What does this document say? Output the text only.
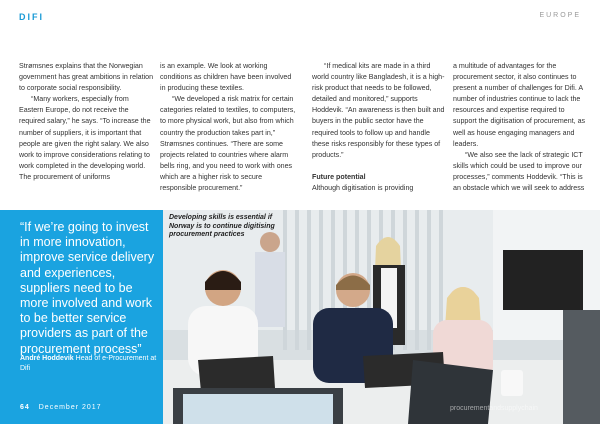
DIFI	EUROPE

Strømsnes explains that the Norwegian government has great ambitions in relation to corporate social responsibility.

“Many workers, especially from Eastern Europe, do not receive the required salary,” he says. “To increase the number of suppliers, it is important that people are given the right salary. We also work to improve considerations relating to work completed in the developing world. The procurement of uniforms

is an example. We look at working conditions as children have been involved in producing these textiles.

“We developed a risk matrix for certain categories related to textiles, to computers, to more physical work, but also from which country the production takes part in,” Strømsnes continues. “There are some projects related to countries where alarm bells ring, and you need to work with ones which are a higher risk to secure responsible procurement.”

“If medical kits are made in a third world country like Bangladesh, it is a high-risk product that needs to be followed, detailed and monitored,” supports Hoddevik. “An awareness is then built and buyers in the public sector have the required tools to follow up and handle these risks responsibly for these types of products.”

Future potential

Although digitisation is providing

a multitude of advantages for the procurement sector, it also continues to present a number of challenges for Difi. A number of industries continue to lack the resources and expertise required to support the digitisation of procurement, as well as house engaging managers and leaders.

“We also see the lack of strategic ICT skills which could be used to improve our processes,” comments Hoddevik. “This is an obstacle which we will seek to address

Developing skills is essential if Norway is to continue digitising procurement practices
“If we’re going to invest in more innovation, improve service delivery and experiences, suppliers need to be more involved and work to be better service providers as part of the procurement process”
André Hoddevik Head of e-Procurement at Difi
64 December 2017	procurementandsupplychain
